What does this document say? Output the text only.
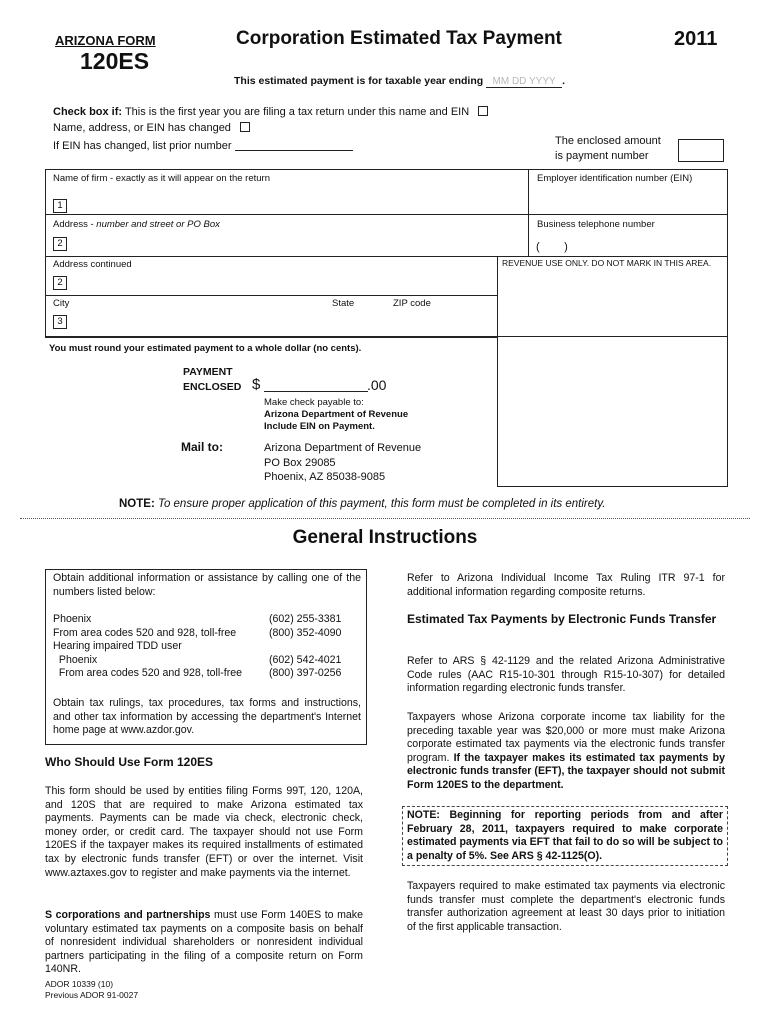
ARIZONA FORM
120ES
Corporation Estimated Tax Payment	2011
This estimated payment is for taxable year ending MM DD YYYY .
Check box if: This is the first year you are filing a tax return under this name and EIN
Name, address, or EIN has changed
If EIN has changed, list prior number	The enclosed amount
is payment number
Name of firm - exactly as it will appear on the return	Employer identification number (EIN)
1
Address - number and street or PO Box	Business telephone number
2	(        )
Address continued	REVENUE USE ONLY. DO NOT MARK IN THIS AREA.
2
City	State	ZIP code
3
You must round your estimated payment to a whole dollar (no cents).
PAYMENT
ENCLOSED $	.00
Make check payable to:
Arizona Department of Revenue
Include EIN on Payment.
Mail to:	Arizona Department of Revenue
PO Box 29085
Phoenix, AZ 85038-9085
NOTE: To ensure proper application of this payment, this form must be completed in its entirety.
General Instructions
Obtain additional information or assistance by calling one of the numbers listed below:
Phoenix	(602) 255-3381
From area codes 520 and 928, toll-free	(800) 352-4090
Hearing impaired TDD user	
Phoenix	(602) 542-4021
From area codes 520 and 928, toll-free	(800) 397-0256
Obtain tax rulings, tax procedures, tax forms and instructions, and other tax information by accessing the department's Internet home page at www.azdor.gov.
Who Should Use Form 120ES
This form should be used by entities filing Forms 99T, 120, 120A, and 120S that are required to make Arizona estimated tax payments. Payments can be made via check, electronic check, money order, or credit card. The taxpayer should not use Form 120ES if the taxpayer makes its required installments of estimated tax by electronic funds transfer (EFT) or over the internet. Visit www.aztaxes.gov to register and make payments via the internet.
S corporations and partnerships must use Form 140ES to make voluntary estimated tax payments on a composite basis on behalf of nonresident individual shareholders or nonresident individual partners participating in the filing of a composite return on Form 140NR.
ADOR 10339 (10)
Previous ADOR 91-0027
Refer to Arizona Individual Income Tax Ruling ITR 97-1 for additional information regarding composite returns.
Estimated Tax Payments by Electronic Funds Transfer
Refer to ARS § 42-1129 and the related Arizona Administrative Code rules (AAC R15-10-301 through R15-10-307) for detailed information regarding electronic funds transfer.
Taxpayers whose Arizona corporate income tax liability for the preceding taxable year was $20,000 or more must make Arizona corporate estimated tax payments via the electronic funds transfer program. If the taxpayer makes its estimated tax payments by electronic funds transfer (EFT), the taxpayer should not submit Form 120ES to the department.
NOTE: Beginning for reporting periods from and after February 28, 2011, taxpayers required to make corporate estimated payments via EFT that fail to do so will be subject to a penalty of 5%. See ARS § 42-1125(O).
Taxpayers required to make estimated tax payments via electronic funds transfer must complete the department's electronic funds transfer authorization agreement at least 30 days prior to initiation of the first applicable transaction.
